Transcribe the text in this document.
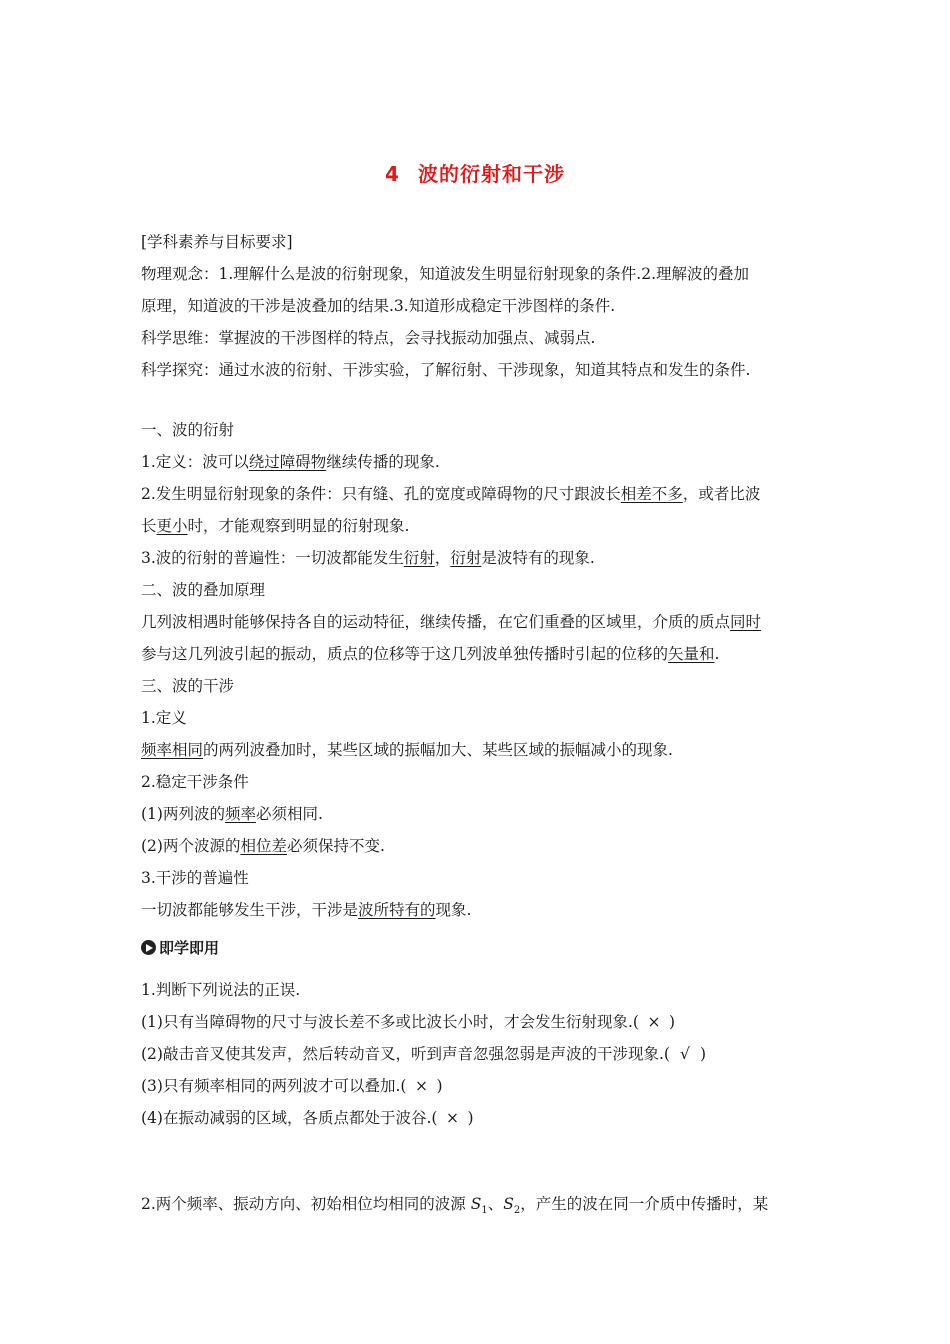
4 波的衍射和干涉
[学科素养与目标要求]
物理观念：1.理解什么是波的衍射现象，知道波发生明显衍射现象的条件.2.理解波的叠加
原理，知道波的干涉是波叠加的结果.3.知道形成稳定干涉图样的条件.
科学思维：掌握波的干涉图样的特点，会寻找振动加强点、减弱点.
科学探究：通过水波的衍射、干涉实验，了解衍射、干涉现象，知道其特点和发生的条件.
一、波的衍射
1.定义：波可以绕过障碍物继续传播的现象.
2.发生明显衍射现象的条件：只有缝、孔的宽度或障碍物的尺寸跟波长相差不多，或者比波
长更小时，才能观察到明显的衍射现象.
3.波的衍射的普遍性：一切波都能发生衍射，衍射是波特有的现象.
二、波的叠加原理
几列波相遇时能够保持各自的运动特征，继续传播，在它们重叠的区域里，介质的质点同时
参与这几列波引起的振动，质点的位移等于这几列波单独传播时引起的位移的矢量和.
三、波的干涉
1.定义
频率相同的两列波叠加时，某些区域的振幅加大、某些区域的振幅减小的现象.
2.稳定干涉条件
(1)两列波的频率必须相同.
(2)两个波源的相位差必须保持不变.
3.干涉的普遍性
一切波都能够发生干涉，干涉是波所特有的现象.
即学即用
1.判断下列说法的正误.
(1)只有当障碍物的尺寸与波长差不多或比波长小时，才会发生衍射现象.( × )
(2)敲击音叉使其发声，然后转动音叉，听到声音忽强忽弱是声波的干涉现象.( √ )
(3)只有频率相同的两列波才可以叠加.( × )
(4)在振动减弱的区域，各质点都处于波谷.( × )
2.两个频率、振动方向、初始相位均相同的波源 $S_1$、$S_2$，产生的波在同一介质中传播时，某
